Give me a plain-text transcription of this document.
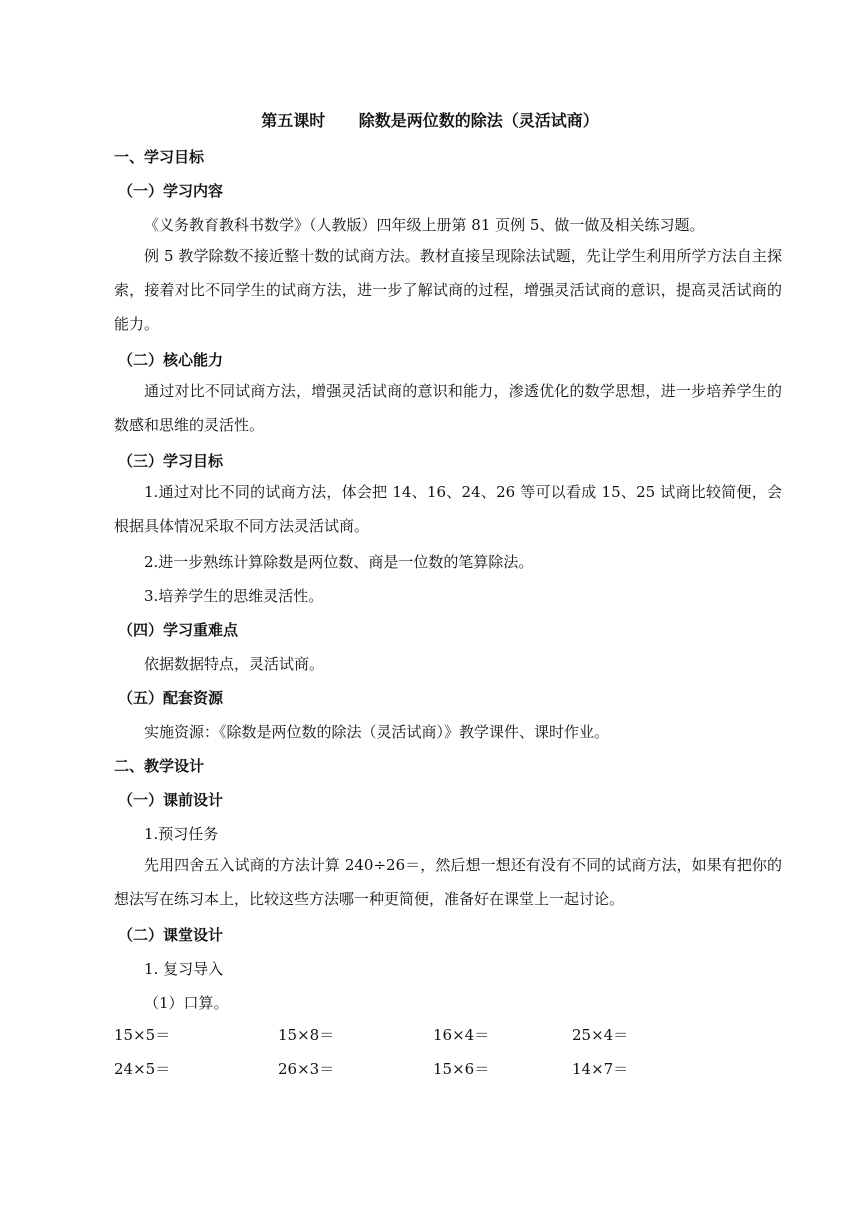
第五课时 除数是两位数的除法（灵活试商）
一、学习目标
（一）学习内容
《义务教育教科书数学》（人教版）四年级上册第 81 页例 5、做一做及相关练习题。
例 5 教学除数不接近整十数的试商方法。教材直接呈现除法试题，先让学生利用所学方法自主探索，接着对比不同学生的试商方法，进一步了解试商的过程，增强灵活试商的意识，提高灵活试商的能力。
（二）核心能力
通过对比不同试商方法，增强灵活试商的意识和能力，渗透优化的数学思想，进一步培养学生的数感和思维的灵活性。
（三）学习目标
1.通过对比不同的试商方法，体会把 14、16、24、26 等可以看成 15、25 试商比较简便，会根据具体情况采取不同方法灵活试商。
2.进一步熟练计算除数是两位数、商是一位数的笔算除法。
3.培养学生的思维灵活性。
（四）学习重难点
依据数据特点，灵活试商。
（五）配套资源
实施资源：《除数是两位数的除法（灵活试商）》教学课件、课时作业。
二、教学设计
（一）课前设计
1.预习任务
先用四舍五入试商的方法计算 240÷26＝，然后想一想还有没有不同的试商方法，如果有把你的想法写在练习本上，比较这些方法哪一种更简便，准备好在课堂上一起讨论。
（二）课堂设计
1. 复习导入
（1）口算。
15×5＝	15×8＝	16×4＝	25×4＝
24×5＝	26×3＝	15×6＝	14×7＝
